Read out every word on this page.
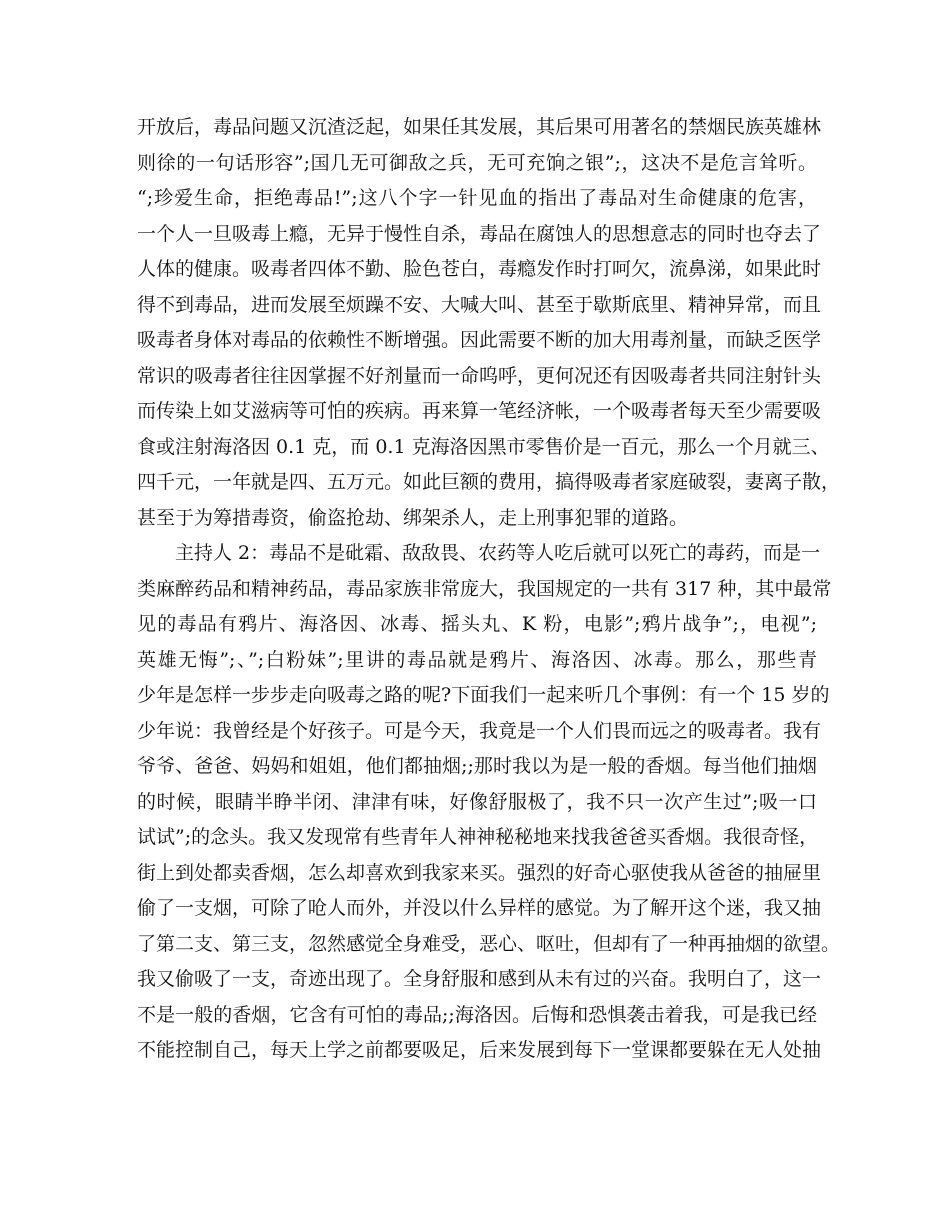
开放后，毒品问题又沉渣泛起，如果任其发展，其后果可用著名的禁烟民族英雄林
则徐的一句话形容”;国几无可御敌之兵，无可充饷之银”;，这决不是危言耸听。
“;珍爱生命，拒绝毒品!”;这八个字一针见血的指出了毒品对生命健康的危害，
一个人一旦吸毒上瘾，无异于慢性自杀，毒品在腐蚀人的思想意志的同时也夺去了
人体的健康。吸毒者四体不勤、脸色苍白，毒瘾发作时打呵欠，流鼻涕，如果此时
得不到毒品，进而发展至烦躁不安、大喊大叫、甚至于歇斯底里、精神异常，而且
吸毒者身体对毒品的依赖性不断增强。因此需要不断的加大用毒剂量，而缺乏医学
常识的吸毒者往往因掌握不好剂量而一命呜呼，更何况还有因吸毒者共同注射针头
而传染上如艾滋病等可怕的疾病。再来算一笔经济帐，一个吸毒者每天至少需要吸
食或注射海洛因 0.1 克，而 0.1 克海洛因黑市零售价是一百元，那么一个月就三、
四千元，一年就是四、五万元。如此巨额的费用，搞得吸毒者家庭破裂，妻离子散，
甚至于为筹措毒资，偷盗抢劫、绑架杀人，走上刑事犯罪的道路。
主持人 2：毒品不是砒霜、敌敌畏、农药等人吃后就可以死亡的毒药，而是一
类麻醉药品和精神药品，毒品家族非常庞大，我国规定的一共有 317 种，其中最常
见的毒品有鸦片、海洛因、冰毒、摇头丸、K 粉，电影”;鸦片战争”;，电视”;
英雄无悔”;、”;白粉妹”;里讲的毒品就是鸦片、海洛因、冰毒。那么，那些青
少年是怎样一步步走向吸毒之路的呢?下面我们一起来听几个事例：有一个 15 岁的
少年说：我曾经是个好孩子。可是今天，我竟是一个人们畏而远之的吸毒者。我有
爷爷、爸爸、妈妈和姐姐，他们都抽烟;;那时我以为是一般的香烟。每当他们抽烟
的时候，眼睛半睁半闭、津津有味，好像舒服极了，我不只一次产生过”;吸一口
试试”;的念头。我又发现常有些青年人神神秘秘地来找我爸爸买香烟。我很奇怪，
街上到处都卖香烟，怎么却喜欢到我家来买。强烈的好奇心驱使我从爸爸的抽屉里
偷了一支烟，可除了呛人而外，并没以什么异样的感觉。为了解开这个迷，我又抽
了第二支、第三支，忽然感觉全身难受，恶心、呕吐，但却有了一种再抽烟的欲望。
我又偷吸了一支，奇迹出现了。全身舒服和感到从未有过的兴奋。我明白了，这一
不是一般的香烟，它含有可怕的毒品;;海洛因。后悔和恐惧袭击着我，可是我已经
不能控制自己，每天上学之前都要吸足，后来发展到每下一堂课都要躲在无人处抽
